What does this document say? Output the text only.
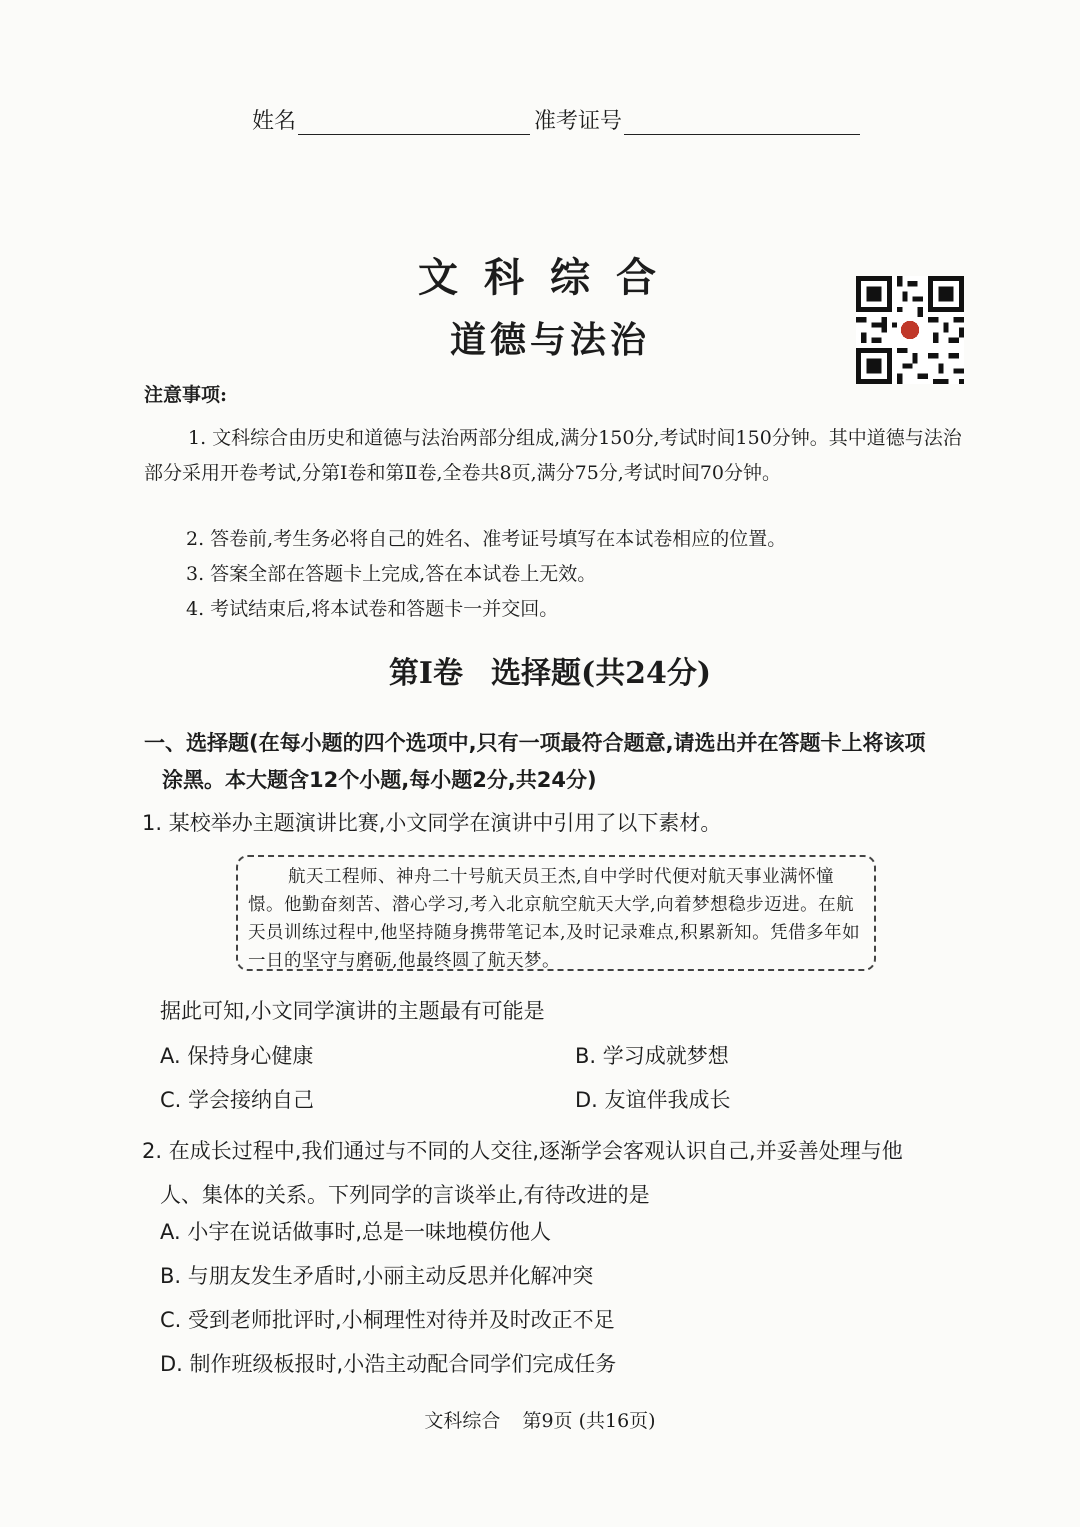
姓名	准考证号
文科综合
道德与法治
注意事项:
1. 文科综合由历史和道德与法治两部分组成,满分150分,考试时间150分钟。其中道德与法治部分采用开卷考试,分第Ⅰ卷和第Ⅱ卷,全卷共8页,满分75分,考试时间70分钟。
2. 答卷前,考生务必将自己的姓名、准考证号填写在本试卷相应的位置。
3. 答案全部在答题卡上完成,答在本试卷上无效。
4. 考试结束后,将本试卷和答题卡一并交回。
第Ⅰ卷 选择题(共24分)
一、选择题(在每小题的四个选项中,只有一项最符合题意,请选出并在答题卡上将该项
涂黑。本大题含12个小题,每小题2分,共24分)
1. 某校举办主题演讲比赛,小文同学在演讲中引用了以下素材。

航天工程师、神舟二十号航天员王杰,自中学时代便对航天事业满怀憧憬。他勤奋刻苦、潜心学习,考入北京航空航天大学,向着梦想稳步迈进。在航天员训练过程中,他坚持随身携带笔记本,及时记录难点,积累新知。凭借多年如一日的坚守与磨砺,他最终圆了航天梦。

据此可知,小文同学演讲的主题最有可能是
A. 保持身心健康	B. 学习成就梦想
C. 学会接纳自己	D. 友谊伴我成长
2. 在成长过程中,我们通过与不同的人交往,逐渐学会客观认识自己,并妥善处理与他
人、集体的关系。下列同学的言谈举止,有待改进的是
A. 小宇在说话做事时,总是一味地模仿他人
B. 与朋友发生矛盾时,小丽主动反思并化解冲突
C. 受到老师批评时,小桐理性对待并及时改正不足
D. 制作班级板报时,小浩主动配合同学们完成任务
文科综合 第9页 (共16页)
